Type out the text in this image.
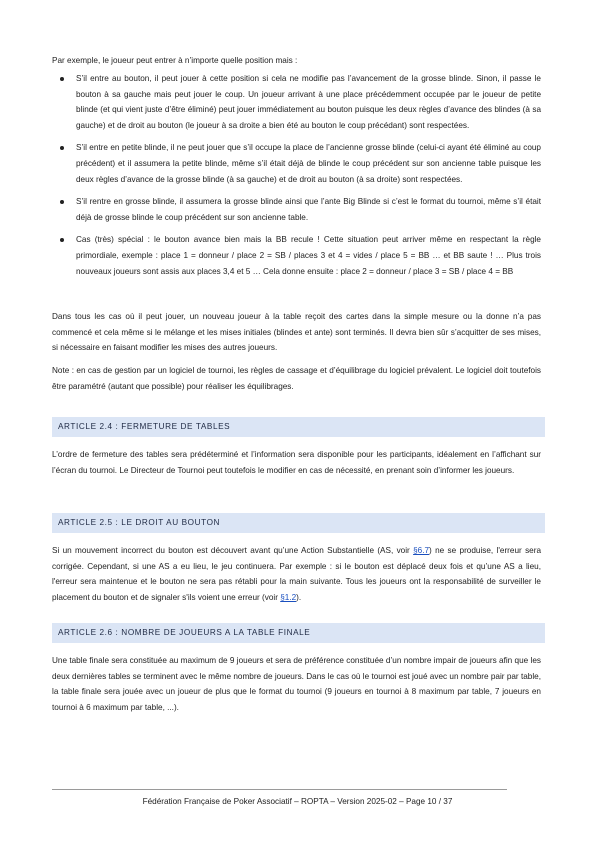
Par exemple, le joueur peut entrer à n’importe quelle position mais :

S’il entre au bouton, il peut jouer à cette position si cela ne modifie pas l’avancement de la grosse blinde. Sinon, il passe le bouton à sa gauche mais peut jouer le coup. Un joueur arrivant à une place précédemment occupée par le joueur de petite blinde (et qui vient juste d’être éliminé) peut jouer immédiatement au bouton puisque les deux règles d’avance des blindes (à sa gauche) et de droit au bouton (le joueur à sa droite a bien été au bouton le coup précédant) sont respectées.
S’il entre en petite blinde, il ne peut jouer que s’il occupe la place de l’ancienne grosse blinde (celui-ci ayant été éliminé au coup précédent) et il assumera la petite blinde, même s’il était déjà de blinde le coup précédent sur son ancienne table puisque les deux règles d’avance de la grosse blinde (à sa gauche) et de droit au bouton (à sa droite) sont respectées.
S’il rentre en grosse blinde, il assumera la grosse blinde ainsi que l’ante Big Blinde si c’est le format du tournoi, même s’il était déjà de grosse blinde le coup précédent sur son ancienne table.
Cas (très) spécial : le bouton avance bien mais la BB recule ! Cette situation peut arriver même en respectant la règle primordiale, exemple : place 1 = donneur / place 2 = SB / places 3 et 4 = vides / place 5 = BB … et BB saute ! … Plus trois nouveaux joueurs sont assis aux places 3,4 et 5 … Cela donne ensuite : place 2 = donneur / place 3 = SB / place 4 = BB

Dans tous les cas où il peut jouer, un nouveau joueur à la table reçoit des cartes dans la simple mesure ou la donne n’a pas commencé et cela même si le mélange et les mises initiales (blindes et ante) sont terminés. Il devra bien sûr s’acquitter de ses mises, si nécessaire en faisant modifier les mises des autres joueurs.

Note : en cas de gestion par un logiciel de tournoi, les règles de cassage et d’équilibrage du logiciel prévalent. Le logiciel doit toutefois être paramétré (autant que possible) pour réaliser les équilibrages.

ARTICLE 2.4 : FERMETURE DE TABLES

L’ordre de fermeture des tables sera prédéterminé et l’information sera disponible pour les participants, idéalement en l’affichant sur l’écran du tournoi. Le Directeur de Tournoi peut toutefois le modifier en cas de nécessité, en prenant soin d’informer les joueurs.

ARTICLE 2.5 : LE DROIT AU BOUTON

Si un mouvement incorrect du bouton est découvert avant qu’une Action Substantielle (AS, voir §6.7) ne se produise, l'erreur sera corrigée. Cependant, si une AS a eu lieu, le jeu continuera. Par exemple : si le bouton est déplacé deux fois et qu’une AS a lieu, l'erreur sera maintenue et le bouton ne sera pas rétabli pour la main suivante. Tous les joueurs ont la responsabilité de surveiller le placement du bouton et de signaler s'ils voient une erreur (voir §1.2).

ARTICLE 2.6 : NOMBRE DE JOUEURS A LA TABLE FINALE

Une table finale sera constituée au maximum de 9 joueurs et sera de préférence constituée d’un nombre impair de joueurs afin que les deux dernières tables se terminent avec le même nombre de joueurs. Dans le cas où le tournoi est joué avec un nombre pair par table, la table finale sera jouée avec un joueur de plus que le format du tournoi (9 joueurs en tournoi à 8 maximum par table, 7 joueurs en tournoi à 6 maximum par table, ...).

Fédération Française de Poker Associatif – ROPTA – Version 2025-02 – Page 10 / 37
